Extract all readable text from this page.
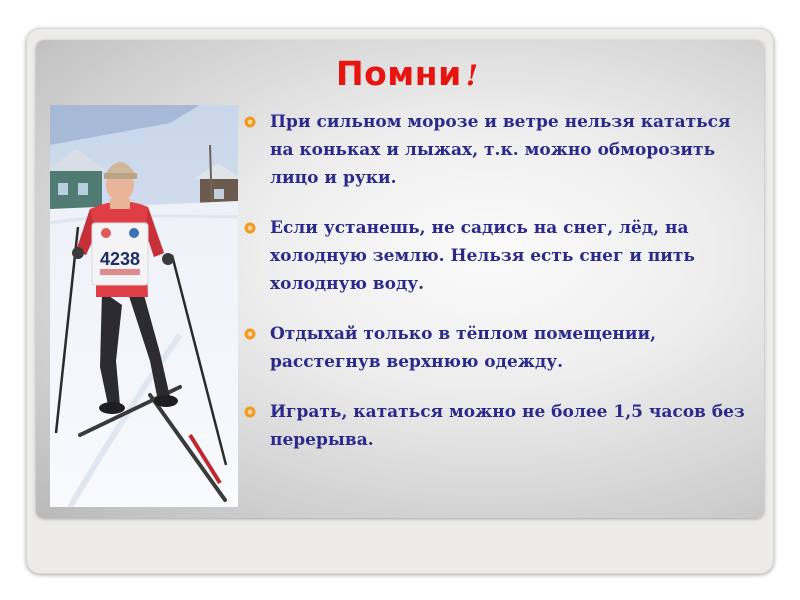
Помни !
4238
При сильном морозе и ветре нельзя кататься на коньках и лыжах, т.к. можно обморозить лицо и руки.
Если устанешь, не садись на снег, лёд, на холодную землю. Нельзя есть снег и пить холодную воду.
Отдыхай только в тёплом помещении, расстегнув верхнюю одежду.
Играть, кататься можно не более 1,5 часов без перерыва.
